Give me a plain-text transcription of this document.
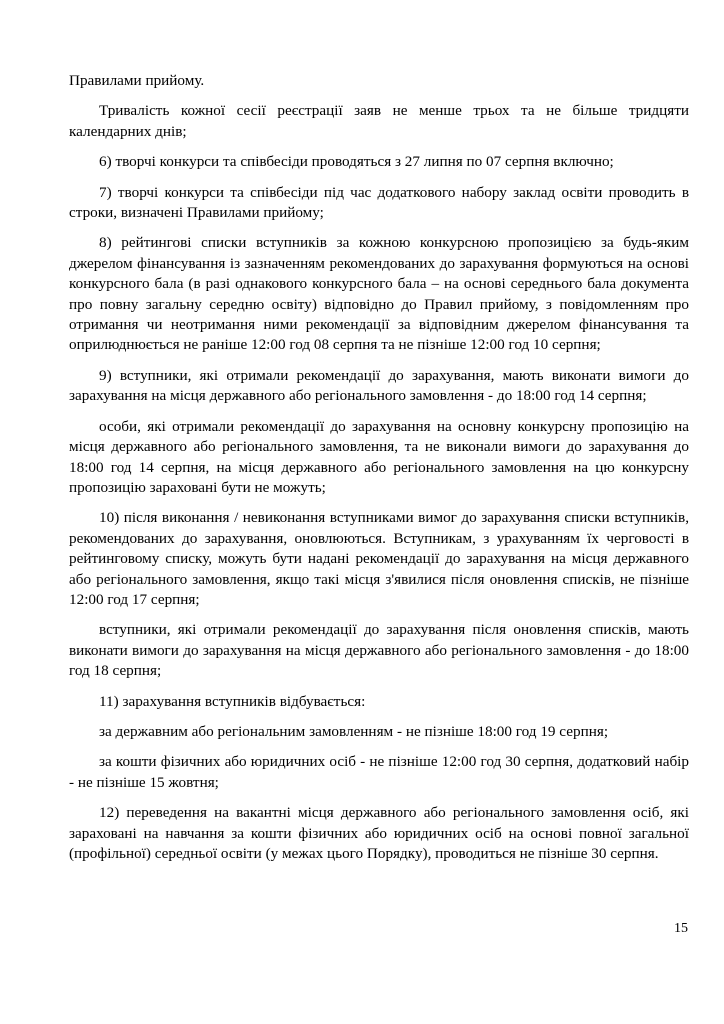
Правилами прийому.

Тривалість кожної сесії реєстрації заяв не менше трьох та не більше тридцяти календарних днів;

6) творчі конкурси та співбесіди проводяться з 27 липня по 07 серпня включно;

7) творчі конкурси та співбесіди під час додаткового набору заклад освіти проводить в строки, визначені Правилами прийому;

8) рейтингові списки вступників за кожною конкурсною пропозицією за будь-яким джерелом фінансування із зазначенням рекомендованих до зарахування формуються на основі конкурсного бала (в разі однакового конкурсного бала – на основі середнього бала документа про повну загальну середню освіту) відповідно до Правил прийому, з повідомленням про отримання чи неотримання ними рекомендації за відповідним джерелом фінансування та оприлюднюється не раніше 12:00 год 08 серпня та не пізніше 12:00 год 10 серпня;

9) вступники, які отримали рекомендації до зарахування, мають виконати вимоги до зарахування на місця державного або регіонального замовлення - до 18:00 год 14 серпня;

особи, які отримали рекомендації до зарахування на основну конкурсну пропозицію на місця державного або регіонального замовлення, та не виконали вимоги до зарахування до 18:00 год 14 серпня, на місця державного або регіонального замовлення на цю конкурсну пропозицію зараховані бути не можуть;

10) після виконання / невиконання вступниками вимог до зарахування списки вступників, рекомендованих до зарахування, оновлюються. Вступникам, з урахуванням їх черговості в рейтинговому списку, можуть бути надані рекомендації до зарахування на місця державного або регіонального замовлення, якщо такі місця з'явилися після оновлення списків, не пізніше 12:00 год 17 серпня;

вступники, які отримали рекомендації до зарахування після оновлення списків, мають виконати вимоги до зарахування на місця державного або регіонального замовлення - до 18:00 год 18 серпня;

11) зарахування вступників відбувається:

за державним або регіональним замовленням - не пізніше 18:00 год 19 серпня;

за кошти фізичних або юридичних осіб - не пізніше 12:00 год 30 серпня, додатковий набір - не пізніше 15 жовтня;

12) переведення на вакантні місця державного або регіонального замовлення осіб, які зараховані на навчання за кошти фізичних або юридичних осіб на основі повної загальної (профільної) середньої освіти (у межах цього Порядку), проводиться не пізніше 30 серпня.

15
